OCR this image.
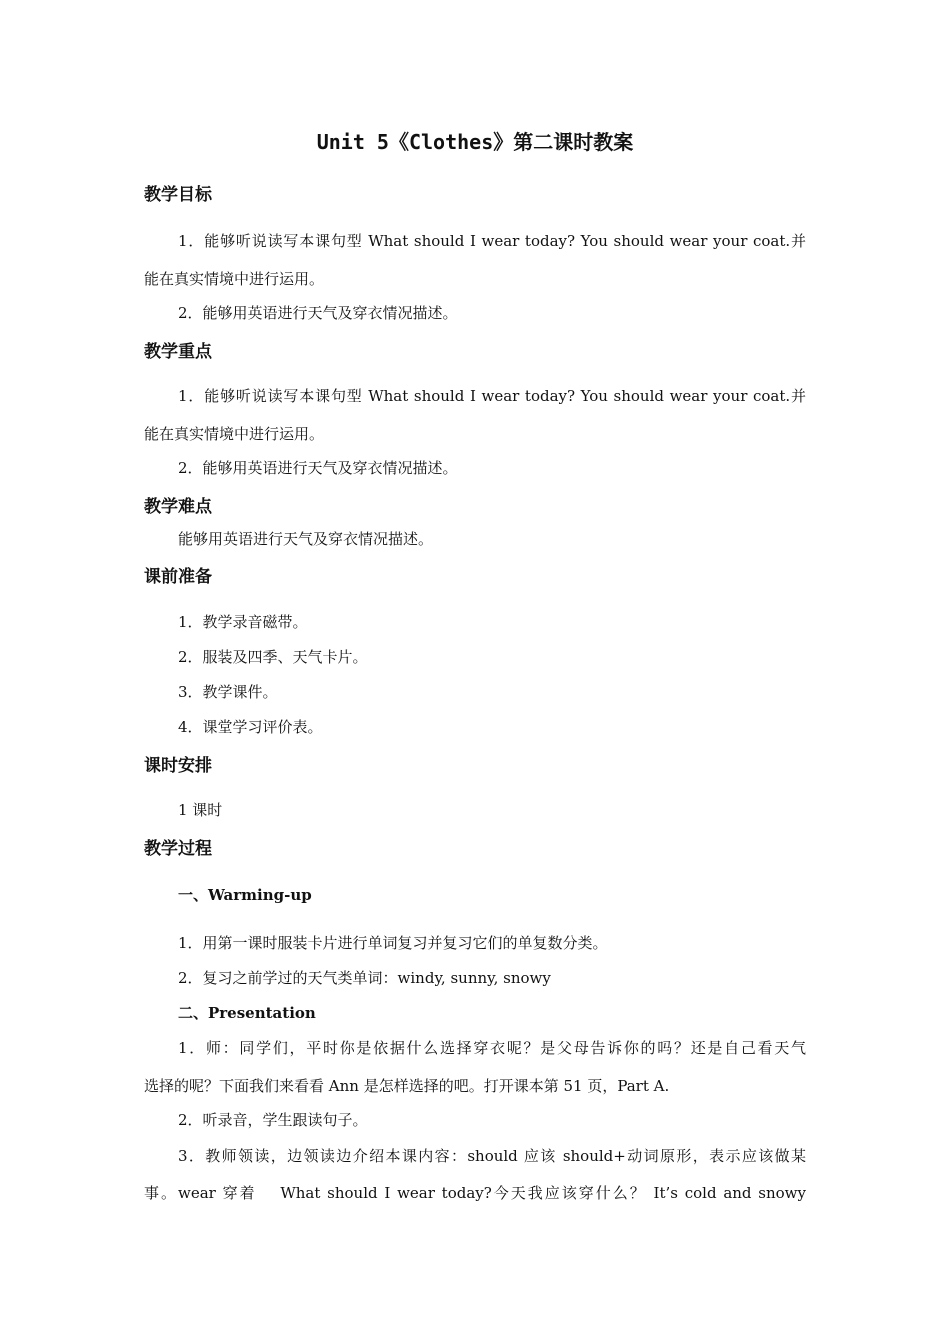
Unit 5《Clothes》第二课时教案
教学目标
1．能够听说读写本课句型 What should I wear today? You should wear your coat.并
能在真实情境中进行运用。
2．能够用英语进行天气及穿衣情况描述。
教学重点
1．能够听说读写本课句型 What should I wear today? You should wear your coat.并
能在真实情境中进行运用。
2．能够用英语进行天气及穿衣情况描述。
教学难点
能够用英语进行天气及穿衣情况描述。
课前准备
1．教学录音磁带。
2．服装及四季、天气卡片。
3．教学课件。
4．课堂学习评价表。
课时安排
1 课时
教学过程
一、Warming-up
1．用第一课时服装卡片进行单词复习并复习它们的单复数分类。
2．复习之前学过的天气类单词：windy, sunny, snowy
二、Presentation
1．师：同学们，平时你是依据什么选择穿衣呢？是父母告诉你的吗？还是自己看天气
选择的呢？下面我们来看看 Ann 是怎样选择的吧。打开课本第 51 页，Part A.
2．听录音，学生跟读句子。
3．教师领读，边领读边介绍本课内容：should 应该 should+动词原形，表示应该做某
事。wear 穿着　 What should I wear today?今天我应该穿什么？ It’s cold and snowy
